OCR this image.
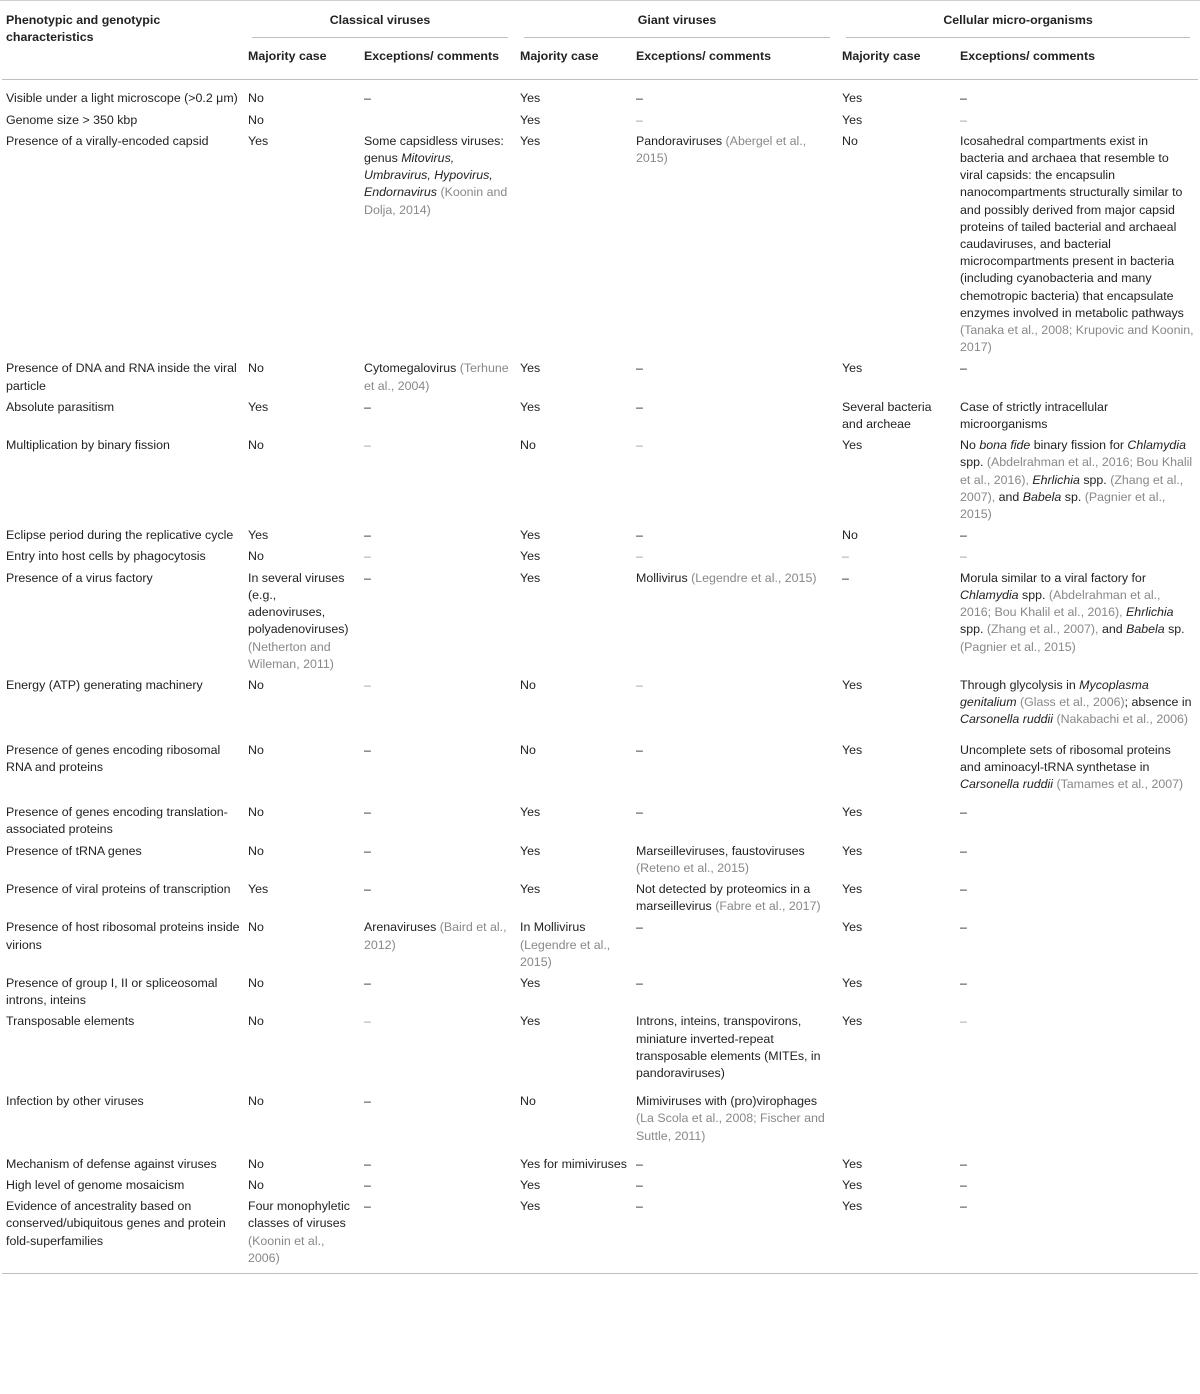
Phenotypic and genotypic characteristics	Classical viruses		Giant viruses		Cellular micro-organisms	

	Majority case	Exceptions/ comments	Majority case	Exceptions/ comments	Majority case	Exceptions/ comments
Visible under a light microscope (>0.2 μm)	No	–	Yes	–	Yes	–
Genome size > 350 kbp	No		Yes	–	Yes	–
Presence of a virally-encoded capsid	Yes	Some capsidless viruses: genus Mitovirus, Umbravirus, Hypovirus, Endornavirus (Koonin and Dolja, 2014)	Yes	Pandoraviruses (Abergel et al., 2015)	No	Icosahedral compartments exist in bacteria and archaea that resemble to viral capsids: the encapsulin nanocompartments structurally similar to and possibly derived from major capsid proteins of tailed bacterial and archaeal caudaviruses, and bacterial microcompartments present in bacteria (including cyanobacteria and many chemotropic bacteria) that encapsulate enzymes involved in metabolic pathways (Tanaka et al., 2008; Krupovic and Koonin, 2017)
Presence of DNA and RNA inside the viral particle	No	Cytomegalovirus (Terhune et al., 2004)	Yes	–	Yes	–
Absolute parasitism	Yes	–	Yes	–	Several bacteria and archeae	Case of strictly intracellular microorganisms
Multiplication by binary fission	No	–	No	–	Yes	No bona fide binary fission for Chlamydia spp. (Abdelrahman et al., 2016; Bou Khalil et al., 2016), Ehrlichia spp. (Zhang et al., 2007), and Babela sp. (Pagnier et al., 2015)
Eclipse period during the replicative cycle	Yes	–	Yes	–	No	–
Entry into host cells by phagocytosis	No	–	Yes	–	–	–
Presence of a virus factory	In several viruses (e.g., adenoviruses, polyadenoviruses) (Netherton and Wileman, 2011)	–	Yes	Mollivirus (Legendre et al., 2015)	–	Morula similar to a viral factory for Chlamydia spp. (Abdelrahman et al., 2016; Bou Khalil et al., 2016), Ehrlichia spp. (Zhang et al., 2007), and Babela sp. (Pagnier et al., 2015)
Energy (ATP) generating machinery	No	–	No	–	Yes	Through glycolysis in Mycoplasma genitalium (Glass et al., 2006); absence in Carsonella ruddii (Nakabachi et al., 2006)
Presence of genes encoding ribosomal RNA and proteins	No	–	No	–	Yes	Uncomplete sets of ribosomal proteins and aminoacyl-tRNA synthetase in Carsonella ruddii (Tamames et al., 2007)
Presence of genes encoding translation-associated proteins	No	–	Yes	–	Yes	–
Presence of tRNA genes	No	–	Yes	Marseilleviruses, faustoviruses (Reteno et al., 2015)	Yes	–
Presence of viral proteins of transcription	Yes	–	Yes	Not detected by proteomics in a marseillevirus (Fabre et al., 2017)	Yes	–
Presence of host ribosomal proteins inside virions	No	Arenaviruses (Baird et al., 2012)	In Mollivirus (Legendre et al., 2015)	–	Yes	–
Presence of group I, II or spliceosomal introns, inteins	No	–	Yes	–	Yes	–
Transposable elements	No	–	Yes	Introns, inteins, transpovirons, miniature inverted-repeat transposable elements (MITEs, in pandoraviruses)	Yes	–
Infection by other viruses	No	–	No	Mimiviruses with (pro)virophages (La Scola et al., 2008; Fischer and Suttle, 2011)		
Mechanism of defense against viruses	No	–	Yes for mimiviruses	–	Yes	–
High level of genome mosaicism	No	–	Yes	–	Yes	–
Evidence of ancestrality based on conserved/ubiquitous genes and protein fold-superfamilies	Four monophyletic classes of viruses (Koonin et al., 2006)	–	Yes	–	Yes	–
